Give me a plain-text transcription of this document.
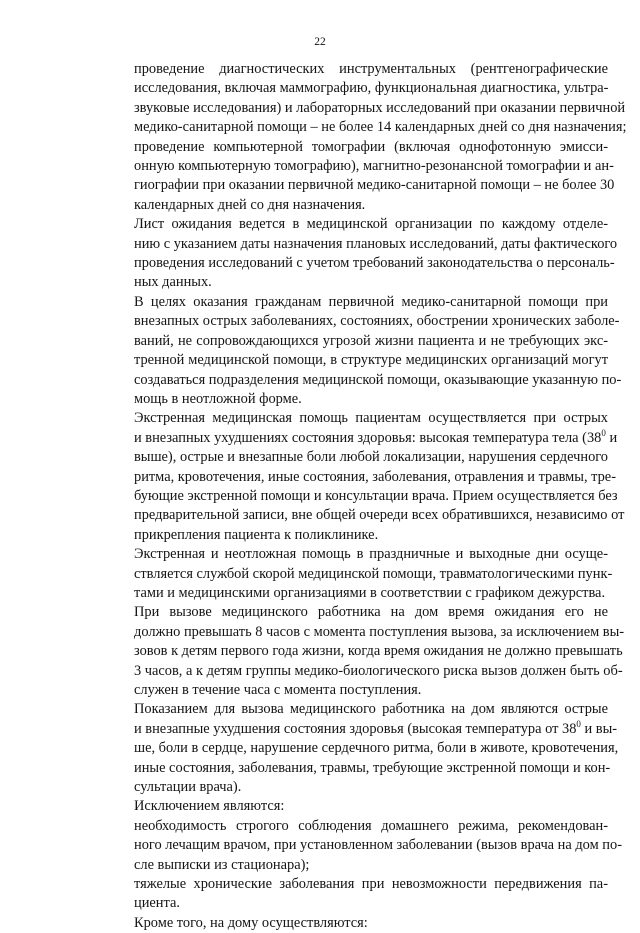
22

проведение диагностических инструментальных (рентгенографические
исследования, включая маммографию, функциональная диагностика, ультра-
звуковые исследования) и лабораторных исследований при оказании первичной
медико-санитарной помощи – не более 14 календарных дней со дня назначения;

проведение компьютерной томографии (включая однофотонную эмисси-
онную компьютерную томографию), магнитно-резонансной томографии и ан-
гиографии при оказании первичной медико-санитарной помощи – не более 30
календарных дней со дня назначения.

Лист ожидания ведется в медицинской организации по каждому отделе-
нию с указанием даты назначения плановых исследований, даты фактического
проведения исследований с учетом требований законодательства о персональ-
ных данных.

В целях оказания гражданам первичной медико-санитарной помощи при
внезапных острых заболеваниях, состояниях, обострении хронических заболе-
ваний, не сопровождающихся угрозой жизни пациента и не требующих экс-
тренной медицинской помощи, в структуре медицинских организаций могут
создаваться подразделения медицинской помощи, оказывающие указанную по-
мощь в неотложной форме.

Экстренная медицинская помощь пациентам осуществляется при острых
и внезапных ухудшениях состояния здоровья: высокая температура тела ($38^0$ и
выше), острые и внезапные боли любой локализации, нарушения сердечного
ритма, кровотечения, иные состояния, заболевания, отравления и травмы, тре-
бующие экстренной помощи и консультации врача. Прием осуществляется без
предварительной записи, вне общей очереди всех обратившихся, независимо от
прикрепления пациента к поликлинике.

Экстренная и неотложная помощь в праздничные и выходные дни осуще-
ствляется службой скорой медицинской помощи, травматологическими пунк-
тами и медицинскими организациями в соответствии с графиком дежурства.

При вызове медицинского работника на дом время ожидания его не
должно превышать 8 часов с момента поступления вызова, за исключением вы-
зовов к детям первого года жизни, когда время ожидания не должно превышать
3 часов, а к детям группы медико-биологического риска вызов должен быть об-
служен в течение часа с момента поступления.

Показанием для вызова медицинского работника на дом являются острые
и внезапные ухудшения состояния здоровья (высокая температура от $38^0$ и вы-
ше, боли в сердце, нарушение сердечного ритма, боли в животе, кровотечения,
иные состояния, заболевания, травмы, требующие экстренной помощи и кон-
сультации врача).

Исключением являются:

необходимость строгого соблюдения домашнего режима, рекомендован-
ного лечащим врачом, при установленном заболевании (вызов врача на дом по-
сле выписки из стационара);

тяжелые хронические заболевания при невозможности передвижения па-
циента.

Кроме того, на дому осуществляются:
